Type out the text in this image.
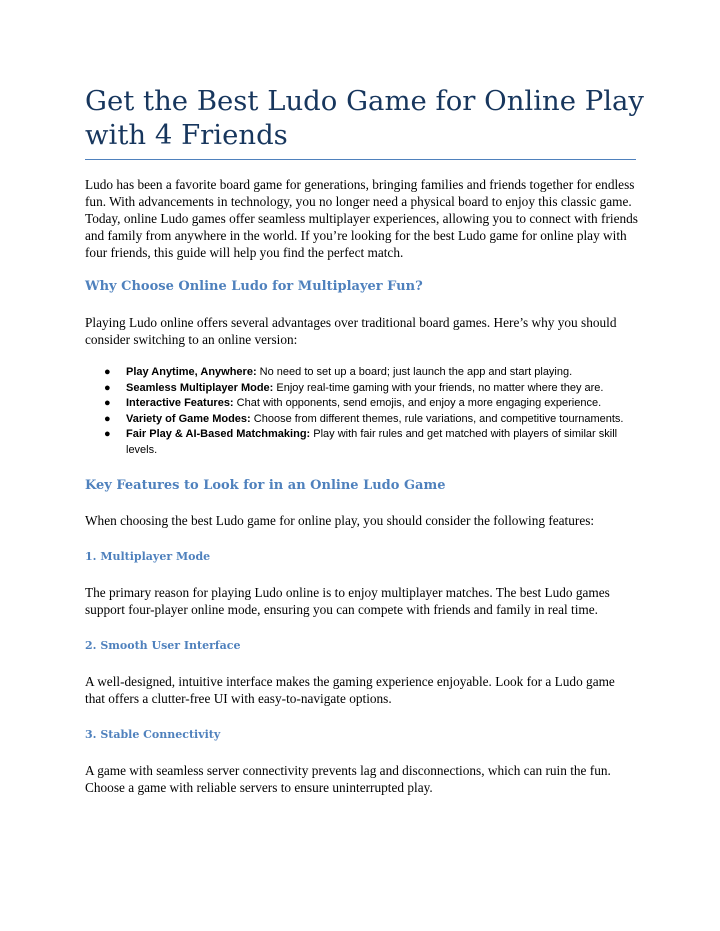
Get the Best Ludo Game for Online Play with 4 Friends

Ludo has been a favorite board game for generations, bringing families and friends together for endless fun. With advancements in technology, you no longer need a physical board to enjoy this classic game. Today, online Ludo games offer seamless multiplayer experiences, allowing you to connect with friends and family from anywhere in the world. If you’re looking for the best Ludo game for online play with four friends, this guide will help you find the perfect match.

Why Choose Online Ludo for Multiplayer Fun?

Playing Ludo online offers several advantages over traditional board games. Here’s why you should consider switching to an online version:

● Play Anytime, Anywhere: No need to set up a board; just launch the app and start playing.
● Seamless Multiplayer Mode: Enjoy real-time gaming with your friends, no matter where they are.
● Interactive Features: Chat with opponents, send emojis, and enjoy a more engaging experience.
● Variety of Game Modes: Choose from different themes, rule variations, and competitive tournaments.
● Fair Play & AI-Based Matchmaking: Play with fair rules and get matched with players of similar skill levels.
Key Features to Look for in an Online Ludo Game

When choosing the best Ludo game for online play, you should consider the following features:

1. Multiplayer Mode

The primary reason for playing Ludo online is to enjoy multiplayer matches. The best Ludo games support four-player online mode, ensuring you can compete with friends and family in real time.

2. Smooth User Interface

A well-designed, intuitive interface makes the gaming experience enjoyable. Look for a Ludo game that offers a clutter-free UI with easy-to-navigate options.

3. Stable Connectivity

A game with seamless server connectivity prevents lag and disconnections, which can ruin the fun. Choose a game with reliable servers to ensure uninterrupted play.
